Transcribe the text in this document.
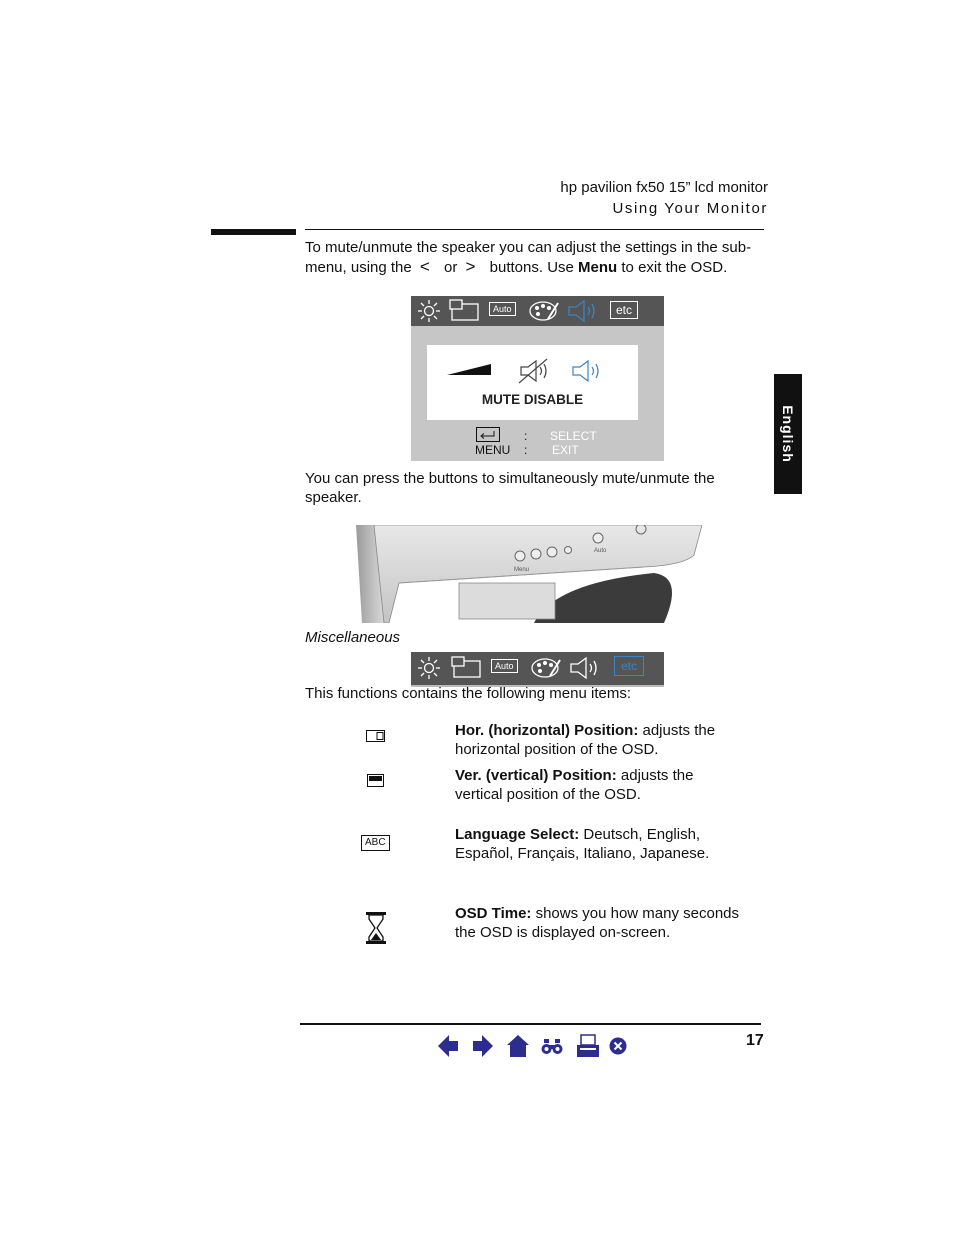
hp pavilion fx50 15” lcd monitor
Using Your Monitor
To mute/unmute the speaker you can adjust the settings in the sub-
menu, using the < or > buttons. Use Menu to exit the OSD.
English
Auto	etc
MUTE DISABLE
: SELECT
MENU : EXIT
You can press the buttons to simultaneously mute/unmute the
speaker.
Menu
Auto
Miscellaneous
Auto	etc
This functions contains the following menu items:
Hor. (horizontal) Position: adjusts the
horizontal position of the OSD.
Ver. (vertical) Position: adjusts the
vertical position of the OSD.
ABC	Language Select: Deutsch, English,
Español, Français, Italiano, Japanese.
OSD Time: shows you how many seconds
the OSD is displayed on-screen.
17
